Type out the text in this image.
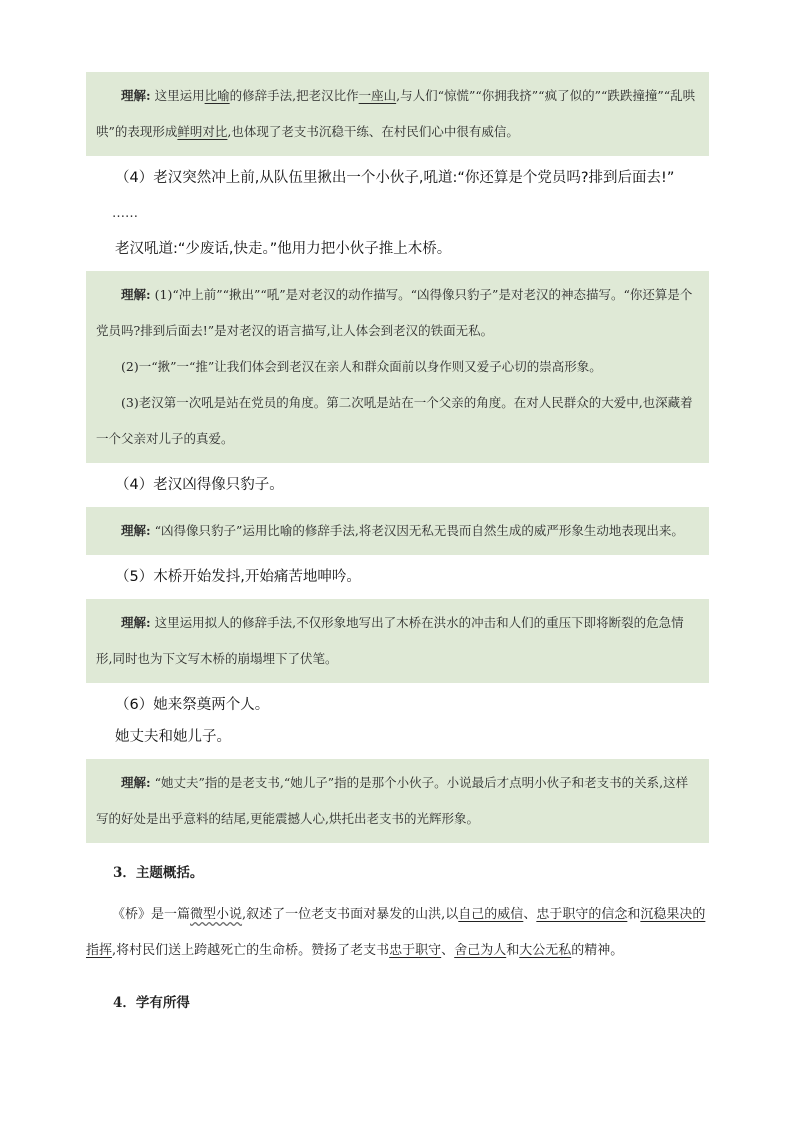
理解: 这里运用比喻的修辞手法,把老汉比作一座山,与人们“惊慌”“你拥我挤”“疯了似的”“跌跌撞撞”“乱哄哄”的表现形成鲜明对比,也体现了老支书沉稳干练、在村民们心中很有威信。

（4）老汉突然冲上前,从队伍里揪出一个小伙子,吼道:“你还算是个党员吗?排到后面去!”

……

老汉吼道:“少废话,快走。”他用力把小伙子推上木桥。

理解: (1)“冲上前”“揪出”“吼”是对老汉的动作描写。“凶得像只豹子”是对老汉的神态描写。“你还算是个党员吗?排到后面去!”是对老汉的语言描写,让人体会到老汉的铁面无私。

(2)一“揪”一“推”让我们体会到老汉在亲人和群众面前以身作则又爱子心切的崇高形象。

(3)老汉第一次吼是站在党员的角度。第二次吼是站在一个父亲的角度。在对人民群众的大爱中,也深藏着一个父亲对儿子的真爱。

（4）老汉凶得像只豹子。

理解: “凶得像只豹子”运用比喻的修辞手法,将老汉因无私无畏而自然生成的威严形象生动地表现出来。

（5）木桥开始发抖,开始痛苦地呻吟。

理解: 这里运用拟人的修辞手法,不仅形象地写出了木桥在洪水的冲击和人们的重压下即将断裂的危急情形,同时也为下文写木桥的崩塌埋下了伏笔。

（6）她来祭奠两个人。

她丈夫和她儿子。

理解: “她丈夫”指的是老支书,“她儿子”指的是那个小伙子。小说最后才点明小伙子和老支书的关系,这样写的好处是出乎意料的结尾,更能震撼人心,烘托出老支书的光辉形象。

3．主题概括。

《桥》是一篇微型小说,叙述了一位老支书面对暴发的山洪,以自己的威信、忠于职守的信念和沉稳果决的指挥,将村民们送上跨越死亡的生命桥。赞扬了老支书忠于职守、舍己为人和大公无私的精神。

4．学有所得
